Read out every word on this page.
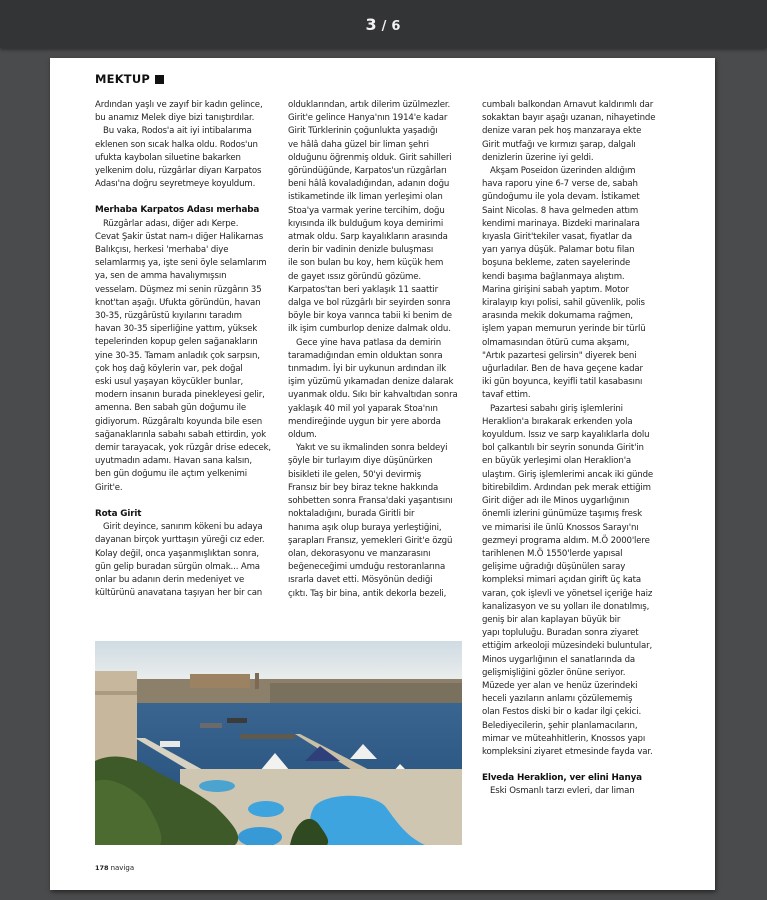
3 / 6
MEKTUP

Ardından yaşlı ve zayıf bir kadın gelince,

bu anamız Melek diye bizi tanıştırdılar.

Bu vaka, Rodos'a ait iyi intibalarıma

eklenen son sıcak halka oldu. Rodos'un

ufukta kaybolan siluetine bakarken

yelkenim dolu, rüzgârlar diyarı Karpatos

Adası'na doğru seyretmeye koyuldum.

Merhaba Karpatos Adası merhaba

Rüzgârlar adası, diğer adı Kerpe.

Cevat Şakir üstat nam-ı diğer Halikarnas

Balıkçısı, herkesi 'merhaba' diye

selamlarmış ya, işte seni öyle selamlarım

ya, sen de amma havalıymışsın

vesselam. Düşmez mi senin rüzgârın 35

knot'tan aşağı. Ufukta göründün, havan

30-35, rüzgârüstü kıyılarını taradım

havan 30-35 siperliğine yattım, yüksek

tepelerinden kopup gelen sağanakların

yine 30-35. Tamam anladık çok sarpsın,

çok hoş dağ köylerin var, pek doğal

eski usul yaşayan köycükler bunlar,

modern insanın burada pinekleyesi gelir,

amenna. Ben sabah gün doğumu ile

gidiyorum. Rüzgâraltı koyunda bile esen

sağanaklarınla sabahı sabah ettirdin, yok

demir tarayacak, yok rüzgâr drise edecek,

uyutmadın adamı. Havan sana kalsın,

ben gün doğumu ile açtım yelkenimi

Girit'e.

Rota Girit

Girit deyince, sanırım kökeni bu adaya

dayanan birçok yurttaşın yüreği cız eder.

Kolay değil, onca yaşanmışlıktan sonra,

gün gelip buradan sürgün olmak... Ama

onlar bu adanın derin medeniyet ve

kültürünü anavatana taşıyan her bir can

olduklarından, artık dilerim üzülmezler.

Girit'e gelince Hanya'nın 1914'e kadar

Girit Türklerinin çoğunlukta yaşadığı

ve hâlâ daha güzel bir liman şehri

olduğunu öğrenmiş olduk. Girit sahilleri

göründüğünde, Karpatos'un rüzgârları

beni hâlâ kovaladığından, adanın doğu

istikametinde ilk liman yerleşimi olan

Stoa'ya varmak yerine tercihim, doğu

kıyısında ilk bulduğum koya demirimi

atmak oldu. Sarp kayalıkların arasında

derin bir vadinin denizle buluşması

ile son bulan bu koy, hem küçük hem

de gayet ıssız göründü gözüme.

Karpatos'tan beri yaklaşık 11 saattir

dalga ve bol rüzgârlı bir seyirden sonra

böyle bir koya varınca tabii ki benim de

ilk işim cumburlop denize dalmak oldu.

Gece yine hava patlasa da demirin

taramadığından emin olduktan sonra

tınmadım. İyi bir uykunun ardından ilk

işim yüzümü yıkamadan denize dalarak

uyanmak oldu. Sıkı bir kahvaltıdan sonra

yaklaşık 40 mil yol yaparak Stoa'nın

mendireğinde uygun bir yere aborda

oldum.

Yakıt ve su ikmalinden sonra beldeyi

şöyle bir turlayım diye düşünürken

bisikleti ile gelen, 50'yi devirmiş

Fransız bir bey biraz tekne hakkında

sohbetten sonra Fransa'daki yaşantısını

noktaladığını, burada Giritli bir

hanıma aşık olup buraya yerleştiğini,

şarapları Fransız, yemekleri Girit'e özgü

olan, dekorasyonu ve manzarasını

beğeneceğimi umduğu restoranlarına

ısrarla davet etti. Mösyönün dediği

çıktı. Taş bir bina, antik dekorla bezeli,

cumbalı balkondan Arnavut kaldırımlı dar

sokaktan bayır aşağı uzanan, nihayetinde

denize varan pek hoş manzaraya ekte

Girit mutfağı ve kırmızı şarap, dalgalı

denizlerin üzerine iyi geldi.

Akşam Poseidon üzerinden aldığım

hava raporu yine 6-7 verse de, sabah

gündoğumu ile yola devam. İstikamet

Saint Nicolas. 8 hava gelmeden attım

kendimi marinaya. Bizdeki marinalara

kıyasla Girit'tekiler vasat, fiyatlar da

yarı yarıya düşük. Palamar botu filan

boşuna bekleme, zaten sayelerinde

kendi başıma bağlanmaya alıştım.

Marina girişini sabah yaptım. Motor

kiralayıp kıyı polisi, sahil güvenlik, polis

arasında mekik dokumama rağmen,

işlem yapan memurun yerinde bir türlü

olmamasından ötürü cuma akşamı,

"Artık pazartesi gelirsin" diyerek beni

uğurladılar. Ben de hava geçene kadar

iki gün boyunca, keyifli tatil kasabasını

tavaf ettim.

Pazartesi sabahı giriş işlemlerini

Heraklion'a bırakarak erkenden yola

koyuldum. Issız ve sarp kayalıklarla dolu

bol çalkantılı bir seyrin sonunda Girit'in

en büyük yerleşimi olan Heraklion'a

ulaştım. Giriş işlemlerimi ancak iki günde

bitirebildim. Ardından pek merak ettiğim

Girit diğer adı ile Minos uygarlığının

önemli izlerini günümüze taşımış fresk

ve mimarisi ile ünlü Knossos Sarayı'nı

gezmeyi programa aldım. M.Ö 2000'lere

tarihlenen M.Ö 1550'lerde yapısal

gelişime uğradığı düşünülen saray

kompleksi mimari açıdan girift üç kata

varan, çok işlevli ve yönetsel içeriğe haiz

kanalizasyon ve su yolları ile donatılmış,

geniş bir alan kaplayan büyük bir

yapı topluluğu. Buradan sonra ziyaret

ettiğim arkeoloji müzesindeki buluntular,

Minos uygarlığının el sanatlarında da

gelişmişliğini gözler önüne seriyor.

Müzede yer alan ve henüz üzerindeki

heceli yazıların anlamı çözülememiş

olan Festos diski bir o kadar ilgi çekici.

Belediyecilerin, şehir planlamacıların,

mimar ve müteahhitlerin, Knossos yapı

kompleksini ziyaret etmesinde fayda var.

Elveda Heraklion, ver elini Hanya

Eski Osmanlı tarzı evleri, dar liman

178 naviga
